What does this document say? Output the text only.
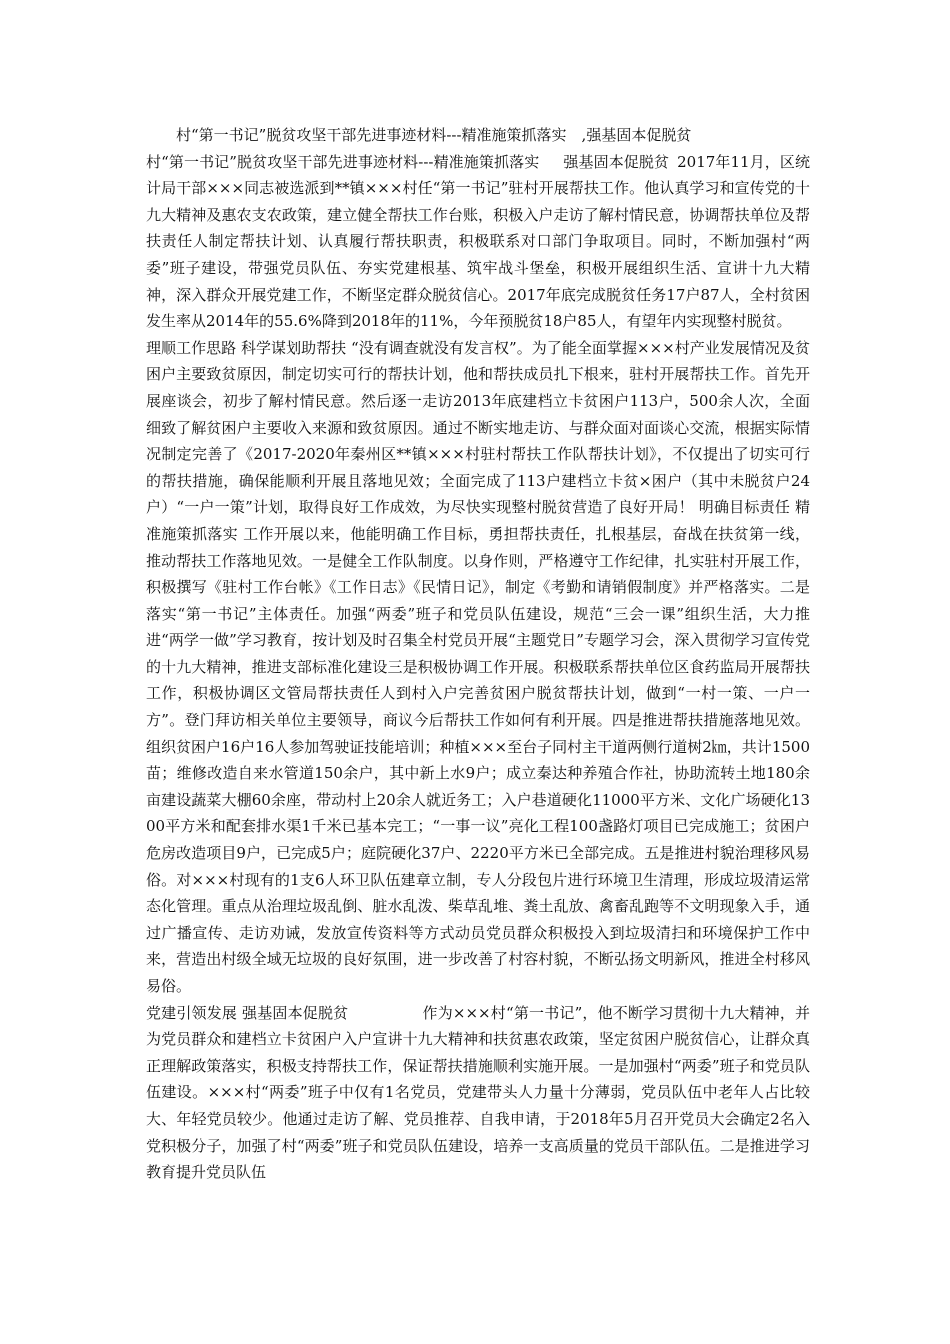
村“第一书记”脱贫攻坚干部先进事迹材料---精准施策抓落实　,强基固本促脱贫

村“第一书记”脱贫攻坚干部先进事迹材料---精准施策抓落实 强基固本促脱贫 2017年11月，区统计局干部×××同志被选派到**镇×××村任“第一书记”驻村开展帮扶工作。他认真学习和宣传党的十九大精神及惠农支农政策，建立健全帮扶工作台账，积极入户走访了解村情民意，协调帮扶单位及帮扶责任人制定帮扶计划、认真履行帮扶职责，积极联系对口部门争取项目。同时，不断加强村“两委”班子建设，带强党员队伍、夯实党建根基、筑牢战斗堡垒，积极开展组织生活、宣讲十九大精神，深入群众开展党建工作，不断坚定群众脱贫信心。2017年底完成脱贫任务17户87人，全村贫困发生率从2014年的55.6%降到2018年的11%，今年预脱贫18户85人，有望年内实现整村脱贫。

理顺工作思路 科学谋划助帮扶 “没有调查就没有发言权”。为了能全面掌握×××村产业发展情况及贫困户主要致贫原因，制定切实可行的帮扶计划，他和帮扶成员扎下根来，驻村开展帮扶工作。首先开展座谈会，初步了解村情民意。然后逐一走访2013年底建档立卡贫困户113户，500余人次，全面细致了解贫困户主要收入来源和致贫原因。通过不断实地走访、与群众面对面谈心交流，根据实际情况制定完善了《2017-2020年秦州区**镇×××村驻村帮扶工作队帮扶计划》，不仅提出了切实可行的帮扶措施，确保能顺利开展且落地见效；全面完成了113户建档立卡贫×困户（其中未脱贫户24户）“一户一策”计划，取得良好工作成效，为尽快实现整村脱贫营造了良好开局！ 明确目标责任 精准施策抓落实 工作开展以来，他能明确工作目标，勇担帮扶责任，扎根基层，奋战在扶贫第一线，推动帮扶工作落地见效。一是健全工作队制度。以身作则，严格遵守工作纪律，扎实驻村开展工作，积极撰写《驻村工作台帐》《工作日志》《民情日记》，制定《考勤和请销假制度》并严格落实。二是落实“第一书记”主体责任。加强“两委”班子和党员队伍建设，规范“三会一课”组织生活，大力推进“两学一做”学习教育，按计划及时召集全村党员开展“主题党日”专题学习会，深入贯彻学习宣传党的十九大精神，推进支部标准化建设三是积极协调工作开展。积极联系帮扶单位区食药监局开展帮扶工作，积极协调区文管局帮扶责任人到村入户完善贫困户脱贫帮扶计划，做到“一村一策、一户一方”。登门拜访相关单位主要领导，商议今后帮扶工作如何有利开展。四是推进帮扶措施落地见效。组织贫困户16户16人参加驾驶证技能培训；种植×××至台子同村主干道两侧行道树2㎞，共计1500苗；维修改造自来水管道150余户，其中新上水9户；成立秦达种养殖合作社，协助流转土地180余亩建设蔬菜大棚60余座，带动村上20余人就近务工；入户巷道硬化11000平方米、文化广场硬化1300平方米和配套排水渠1千米已基本完工；“一事一议”亮化工程100盏路灯项目已完成施工；贫困户危房改造项目9户，已完成5户；庭院硬化37户、2220平方米已全部完成。五是推进村貌治理移风易俗。对×××村现有的1支6人环卫队伍建章立制，专人分段包片进行环境卫生清理，形成垃圾清运常态化管理。重点从治理垃圾乱倒、脏水乱泼、柴草乱堆、粪土乱放、禽畜乱跑等不文明现象入手，通过广播宣传、走访劝诫，发放宣传资料等方式动员党员群众积极投入到垃圾清扫和环境保护工作中来，营造出村级全域无垃圾的良好氛围，进一步改善了村容村貌，不断弘扬文明新风，推进全村移风易俗。

党建引领发展 强基固本促脱贫	作为×××村“第一书记”，他不断学习贯彻十九大精神，并为党员群众和建档立卡贫困户入户宣讲十九大精神和扶贫惠农政策，坚定贫困户脱贫信心，让群众真正理解政策落实，积极支持帮扶工作，保证帮扶措施顺利实施开展。一是加强村“两委”班子和党员队伍建设。×××村“两委”班子中仅有1名党员，党建带头人力量十分薄弱，党员队伍中老年人占比较大、年轻党员较少。他通过走访了解、党员推荐、自我申请，于2018年5月召开党员大会确定2名入党积极分子，加强了村“两委”班子和党员队伍建设，培养一支高质量的党员干部队伍。二是推进学习教育提升党员队伍
